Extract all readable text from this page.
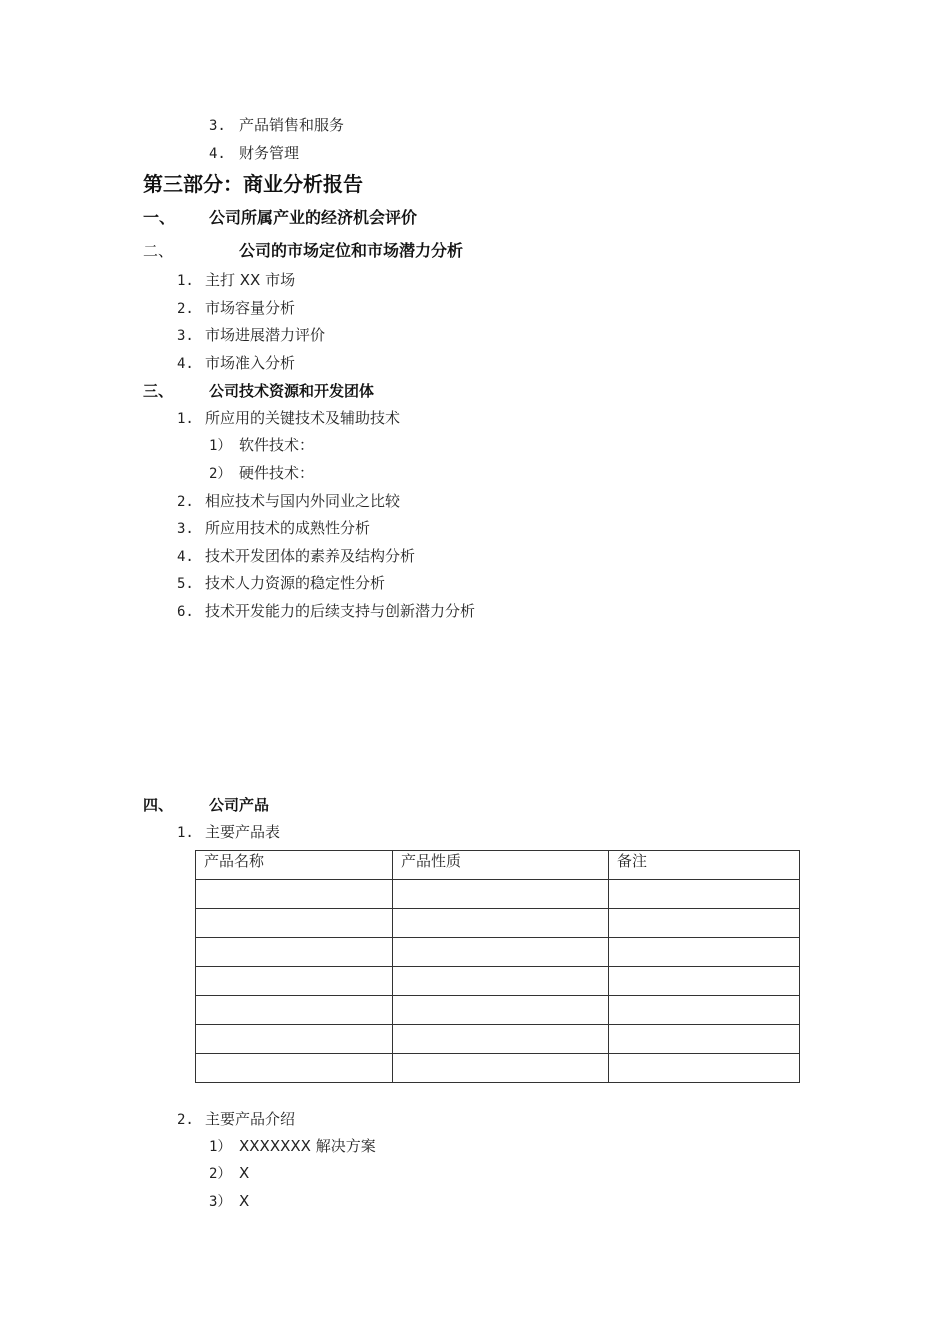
3. 产品销售和服务
4. 财务管理
第三部分：商业分析报告
一、 公司所属产业的经济机会评价
二、	公司的市场定位和市场潜力分析
1. 主打 XX 市场
2. 市场容量分析
3. 市场进展潜力评价
4. 市场准入分析
三、 公司技术资源和开发团体
1. 所应用的关键技术及辅助技术
1） 软件技术：
2） 硬件技术：
2. 相应技术与国内外同业之比较
3. 所应用技术的成熟性分析
4. 技术开发团体的素养及结构分析
5. 技术人力资源的稳定性分析
6. 技术开发能力的后续支持与创新潜力分析
四、 公司产品
1. 主要产品表
产品名称	产品性质	备注

2. 主要产品介绍
1） XXXXXXX 解决方案
2） X
3） X
